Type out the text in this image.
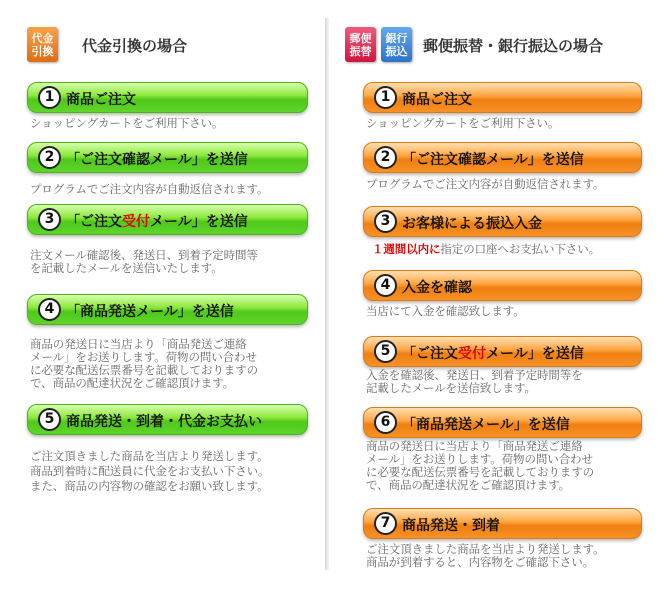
代金
引換 代金引換の場合
1 商品ご注文
ショッピングカートをご利用下さい。
2 「ご注文確認メール」を送信
プログラムでご注文内容が自動返信されます。
3 「ご注文受付メール」を送信
注文メール確認後、発送日、到着予定時間等
を記載したメールを送信いたします。
4 「商品発送メール」を送信
商品の発送日に当店より「商品発送ご連絡
メール」をお送りします。荷物の問い合わせ
に必要な配送伝票番号を記載しておりますの
で、商品の配達状況をご確認頂けます。
5 商品発送・到着・代金お支払い
ご注文頂きました商品を当店より発送します。
商品到着時に配送員に代金をお支払い下さい。
また、商品の内容物の確認をお願い致します。
郵便
振替
銀行
振込 郵便振替・銀行振込の場合
1 商品ご注文
ショッピングカートをご利用下さい。
2 「ご注文確認メール」を送信
プログラムでご注文内容が自動返信されます。
3 お客様による振込入金
１週間以内に指定の口座へお支払い下さい。
4 入金を確認
当店にて入金を確認致します。
5 「ご注文受付メール」を送信
入金を確認後、発送日、到着予定時間等を
記載したメールを送信致します。
6 「商品発送メール」を送信
商品の発送日に当店より「商品発送ご連絡
メール」をお送りします。荷物の問い合わせ
に必要な配送伝票番号を記載しておりますの
で、商品の配達状況をご確認頂けます。
7 商品発送・到着
ご注文頂きました商品を当店より発送します。
商品が到着すると、内容物をご確認下さい。
